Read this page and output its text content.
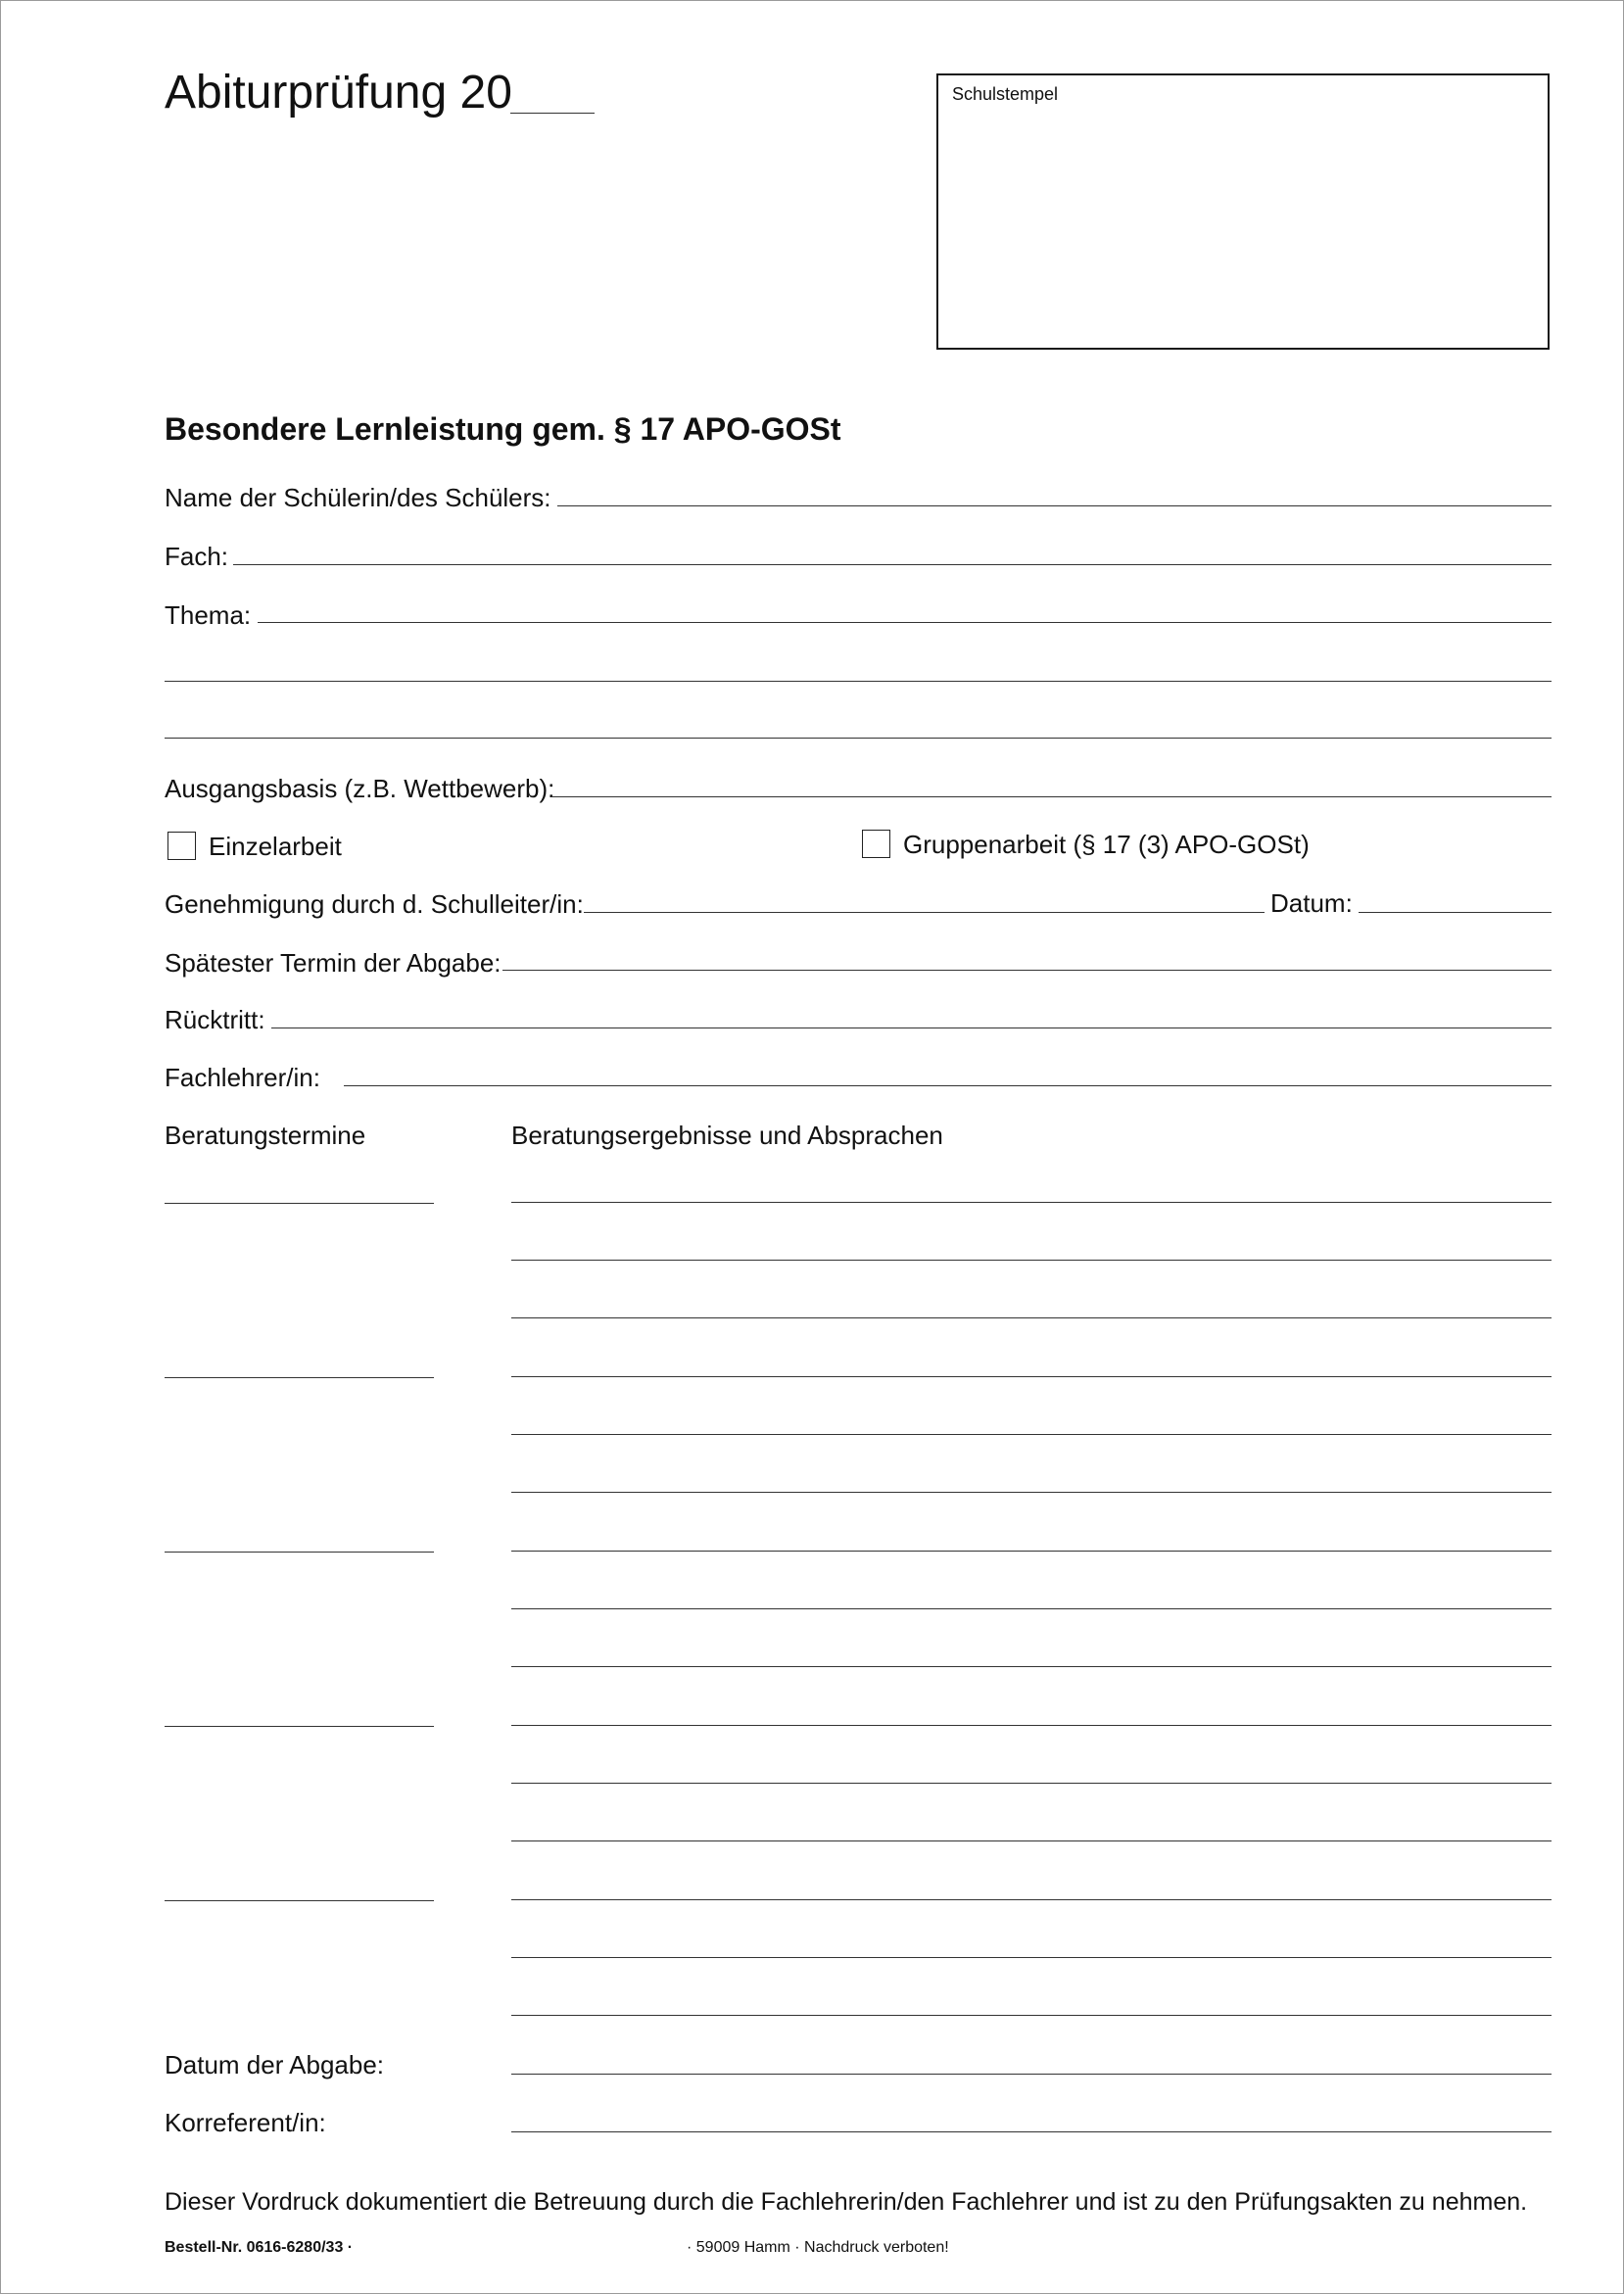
Abiturprüfung 20	Schulstempel
Besondere Lernleistung gem. § 17 APO-GOSt
Name der Schülerin/des Schülers:
Fach:
Thema:
Ausgangsbasis (z.B. Wettbewerb):
Einzelarbeit	Gruppenarbeit (§ 17 (3) APO-GOSt)
Genehmigung durch d. Schulleiter/in:	Datum:
Spätester Termin der Abgabe:
Rücktritt:
Fachlehrer/in:
Beratungstermine	Beratungsergebnisse und Absprachen
Datum der Abgabe:
Korreferent/in:
Dieser Vordruck dokumentiert die Betreuung durch die Fachlehrerin/den Fachlehrer und ist zu den Prüfungsakten zu nehmen.
Bestell-Nr. 0616-6280/33 ·	· 59009 Hamm · Nachdruck verboten!
